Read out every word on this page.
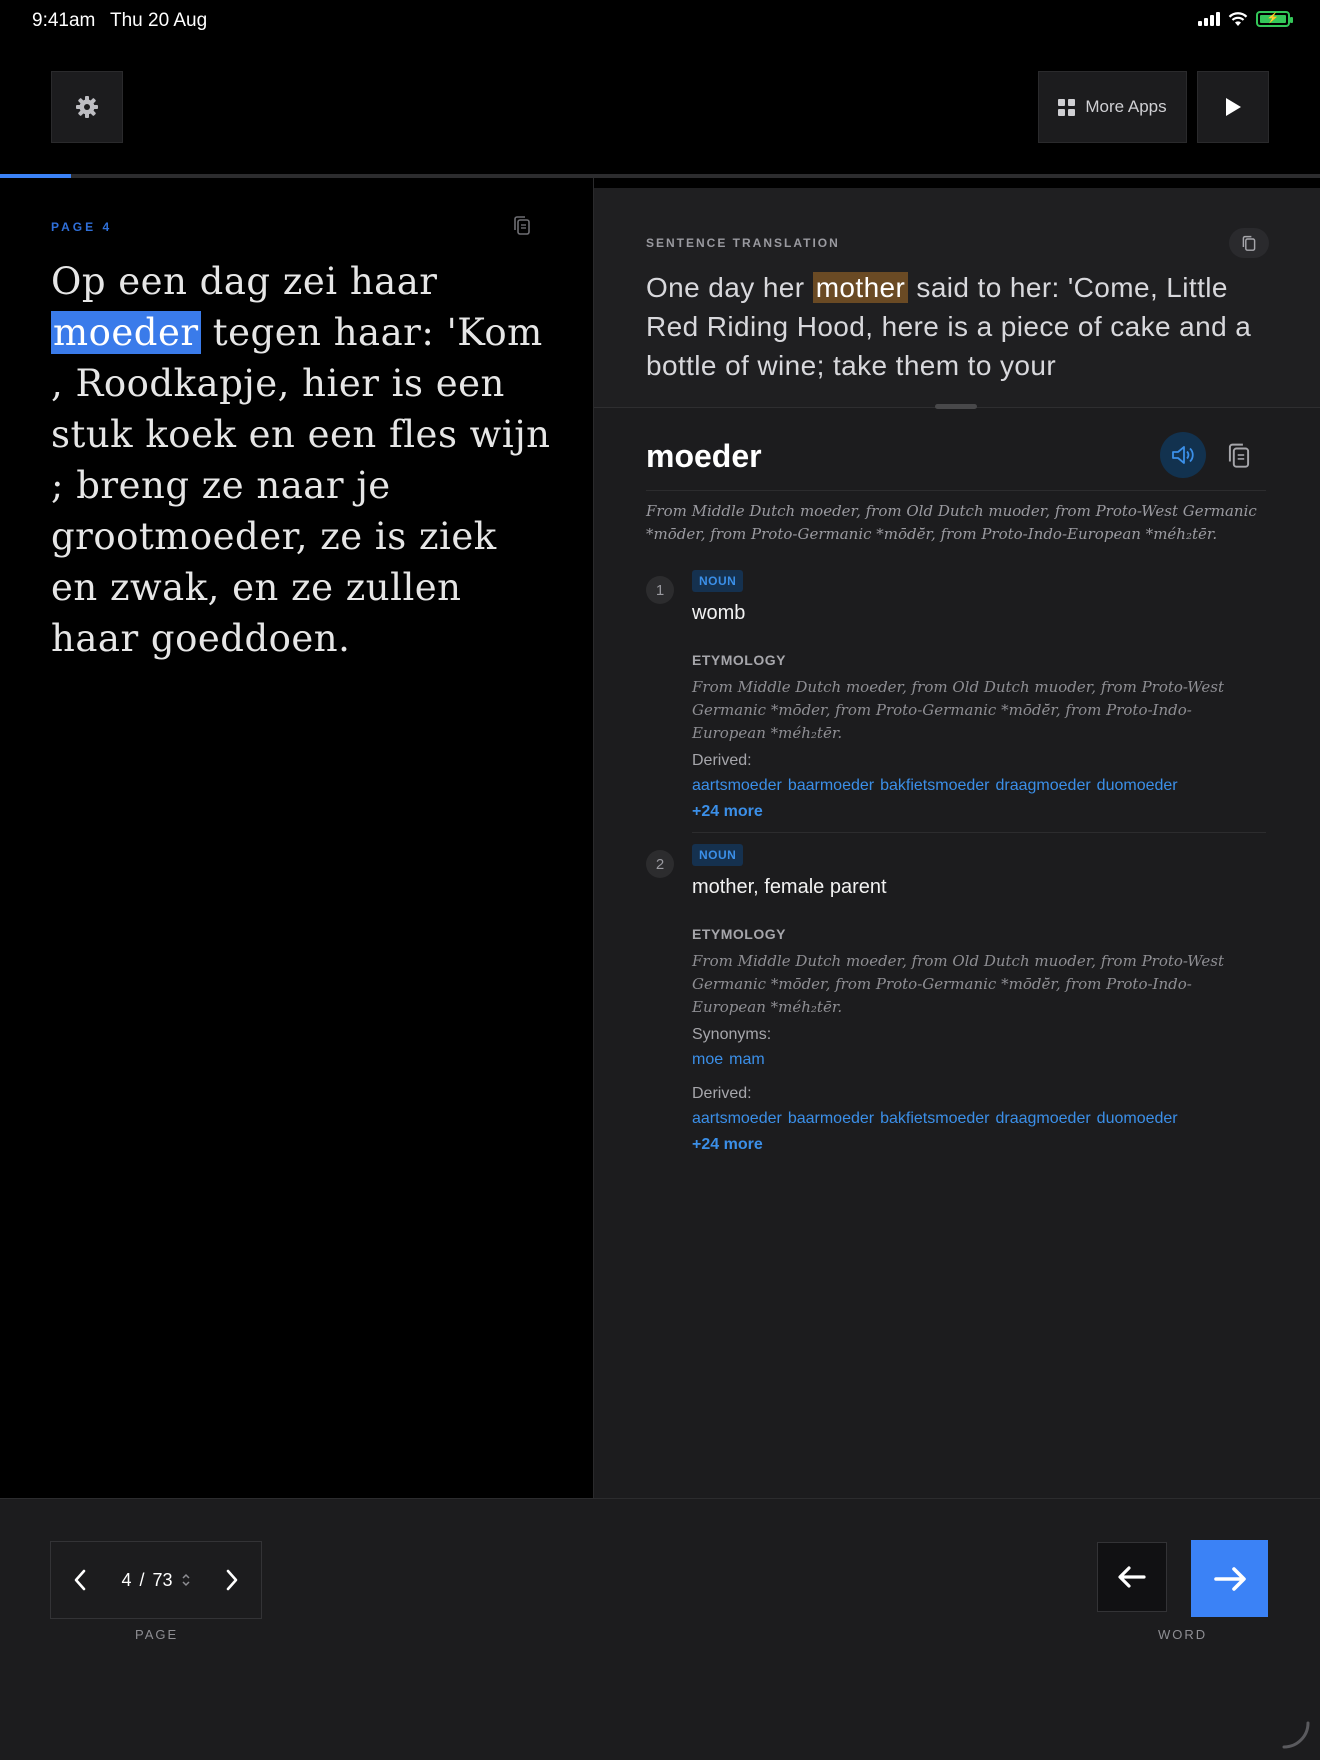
9:41am Thu 20 Aug	⚡
More Apps
PAGE 4
Op een dag zei haar moeder tegen haar: 'Kom , Roodkapje, hier is een stuk koek en een fles wijn ; breng ze naar je grootmoeder, ze is ziek en zwak, en ze zullen haar goeddoen.
SENTENCE TRANSLATION
One day her mother said to her: 'Come, Little Red Riding Hood, here is a piece of cake and a bottle of wine; take them to your
moeder
From Middle Dutch moeder, from Old Dutch muoder, from Proto-West Germanic *mōder, from Proto-Germanic *mōdē̆r, from Proto-Indo-European *méh₂tēr.
1
NOUN
womb
ETYMOLOGY
From Middle Dutch moeder, from Old Dutch muoder, from Proto-West Germanic *mōder, from Proto-Germanic *mōdē̆r, from Proto-Indo-European *méh₂tēr.
Derived:
aartsmoeder baarmoeder bakfietsmoeder draagmoeder duomoeder
+24 more
2
NOUN
mother, female parent
ETYMOLOGY
From Middle Dutch moeder, from Old Dutch muoder, from Proto-West Germanic *mōder, from Proto-Germanic *mōdē̆r, from Proto-Indo-European *méh₂tēr.
Synonyms:
moe mam
Derived:
aartsmoeder baarmoeder bakfietsmoeder draagmoeder duomoeder
+24 more
4 / 73
PAGE	WORD
